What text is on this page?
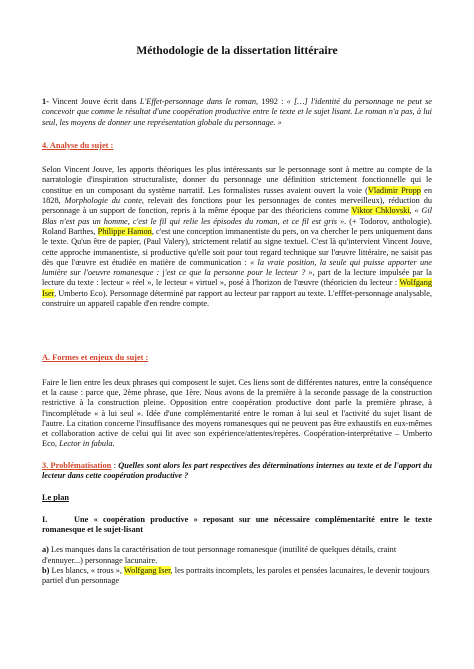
Méthodologie de la dissertation littéraire

1- Vincent Jouve écrit dans L'Effet-personnage dans le roman, 1992 : « […] l'identité du personnage ne peut se concevoir que comme le résultat d'une coopération productive entre le texte et le sujet lisant. Le roman n'a pas, à lui seul, les moyens de donner une représentation globale du personnage. »

4. Analyse du sujet :

Selon Vincent Jouve, les apports théoriques les plus intéressants sur le personnage sont à mettre au compte de la narratologie d'inspiration structuraliste, donner du personnage une définition strictement fonctionnelle qui le constitue en un composant du système narratif. Les formalistes russes avaient ouvert la voie (Vladimir Propp en 1828, Morphologie du conte, relevait des fonctions pour les personnages de contes merveilleux), réduction du personnage à un support de fonction, repris à la même époque par des théoriciens comme Viktor Chklovski, « Gil Blas n'est pas un homme, c'est le fil qui relie les épisodes du roman, et ce fil est gris ». (+ Todorov, anthologie). Roland Barthes, Philippe Hamon, c'est une conception immanentiste du pers, on va chercher le pers uniquement dans le texte. Qu'un être de papier, (Paul Valery), strictement relatif au signe textuel. C'est là qu'intervient Vincent Jouve, cette approche immanentiste, si productive qu'elle soit pour tout regard technique sur l'œuvre littéraire, ne saisit pas dès que l'œuvre est étudiée en matière de communication : « la vraie position, la seule qui puisse apporter une lumière sur l'oeuvre romanesque : j'est ce que la personne pour le lecteur ? », part de la lecture impulsée par la lecture du texte : lecteur « réel », le lecteur « virtuel », posé à l'horizon de l'œuvre (théoricien du lecteur : Wolfgang Iser, Umberto Eco). Personnage déterminé par rapport au lecteur par rapport au texte. L'efffet-personnage analysable, construire un appareil capable d'en rendre compte.

A. Formes et enjeux du sujet :

Faire le lien entre les deux phrases qui composent le sujet. Ces liens sont de différentes natures, entre la conséquence et la cause : parce que, 2ème phrase, que 1ère. Nous avons de la première à la seconde passage de la construction restrictive à la construction pleine. Opposition entre coopération productive dont parle la première phrase, à l'incomplétude « à lui seul ». Idée d'une complémentarité entre le roman à lui seul et l'activité du sujet lisant de l'autre. La citation concerne l'insuffisance des moyens romanesques qui ne peuvent pas être exhaustifs en eux-mêmes et collaboration active de celui qui lit avec son expérience/attentes/repères. Coopération-interprétative – Umberto Eco, Lector in fabula.

3. Problématisation : Quelles sont alors les part respectives des déterminations internes au texte et de l'apport du lecteur dans cette coopération productive ?

Le plan

I.	Une « coopération productive » reposant sur une nécessaire complémentarité entre le texte romanesque et le sujet-lisant

a) Les manques dans la caractérisation de tout personnage romanesque (inutilité de quelques détails, craint d'ennuyer...) personnage lacunaire.

b) Les blancs, « trous », Wolfgang Iser, les portraits incomplets, les paroles et pensées lacunaires, le devenir toujours partiel d'un personnage
